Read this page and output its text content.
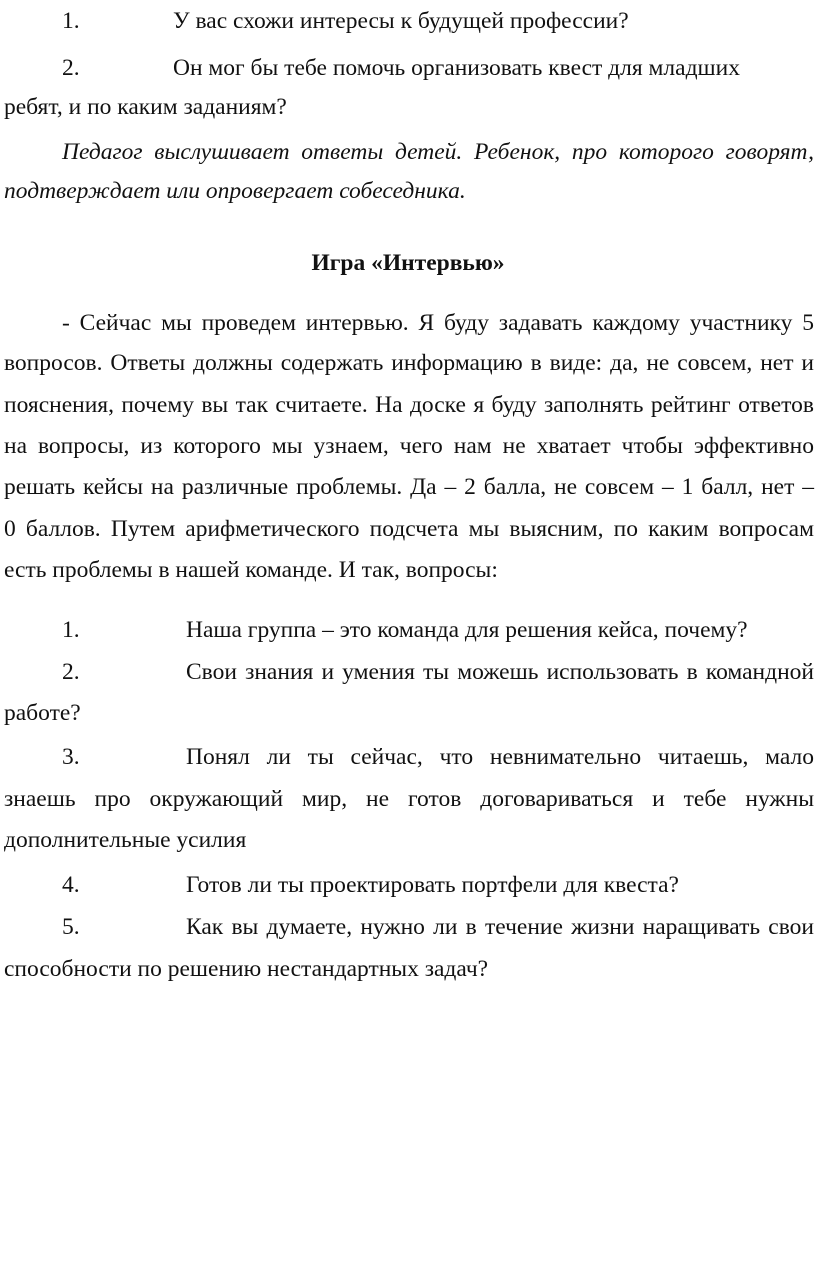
1.	У вас схожи интересы к будущей профессии?
2.	Он мог бы тебе помочь организовать квест для младших
ребят, и по каким заданиям?
Педагог выслушивает ответы детей. Ребенок, про которого говорят,
подтверждает или опровергает собеседника.
Игра «Интервью»
- Сейчас мы проведем интервью. Я буду задавать каждому участнику 5
вопросов. Ответы должны содержать информацию в виде: да, не совсем, нет и
пояснения, почему вы так считаете. На доске я буду заполнять рейтинг ответов
на вопросы, из которого мы узнаем, чего нам не хватает чтобы эффективно
решать кейсы на различные проблемы. Да – 2 балла, не совсем – 1 балл, нет –
0 баллов. Путем арифметического подсчета мы выясним, по каким вопросам
есть проблемы в нашей команде. И так, вопросы:
1.	Наша группа – это команда для решения кейса, почему?
2.	Свои знания и умения ты можешь использовать в командной
работе?
3.	Понял ли ты сейчас, что невнимательно читаешь, мало
знаешь про окружающий мир, не готов договариваться и тебе нужны
дополнительные усилия
4.	Готов ли ты проектировать портфели для квеста?
5.	Как вы думаете, нужно ли в течение жизни наращивать свои
способности по решению нестандартных задач?
